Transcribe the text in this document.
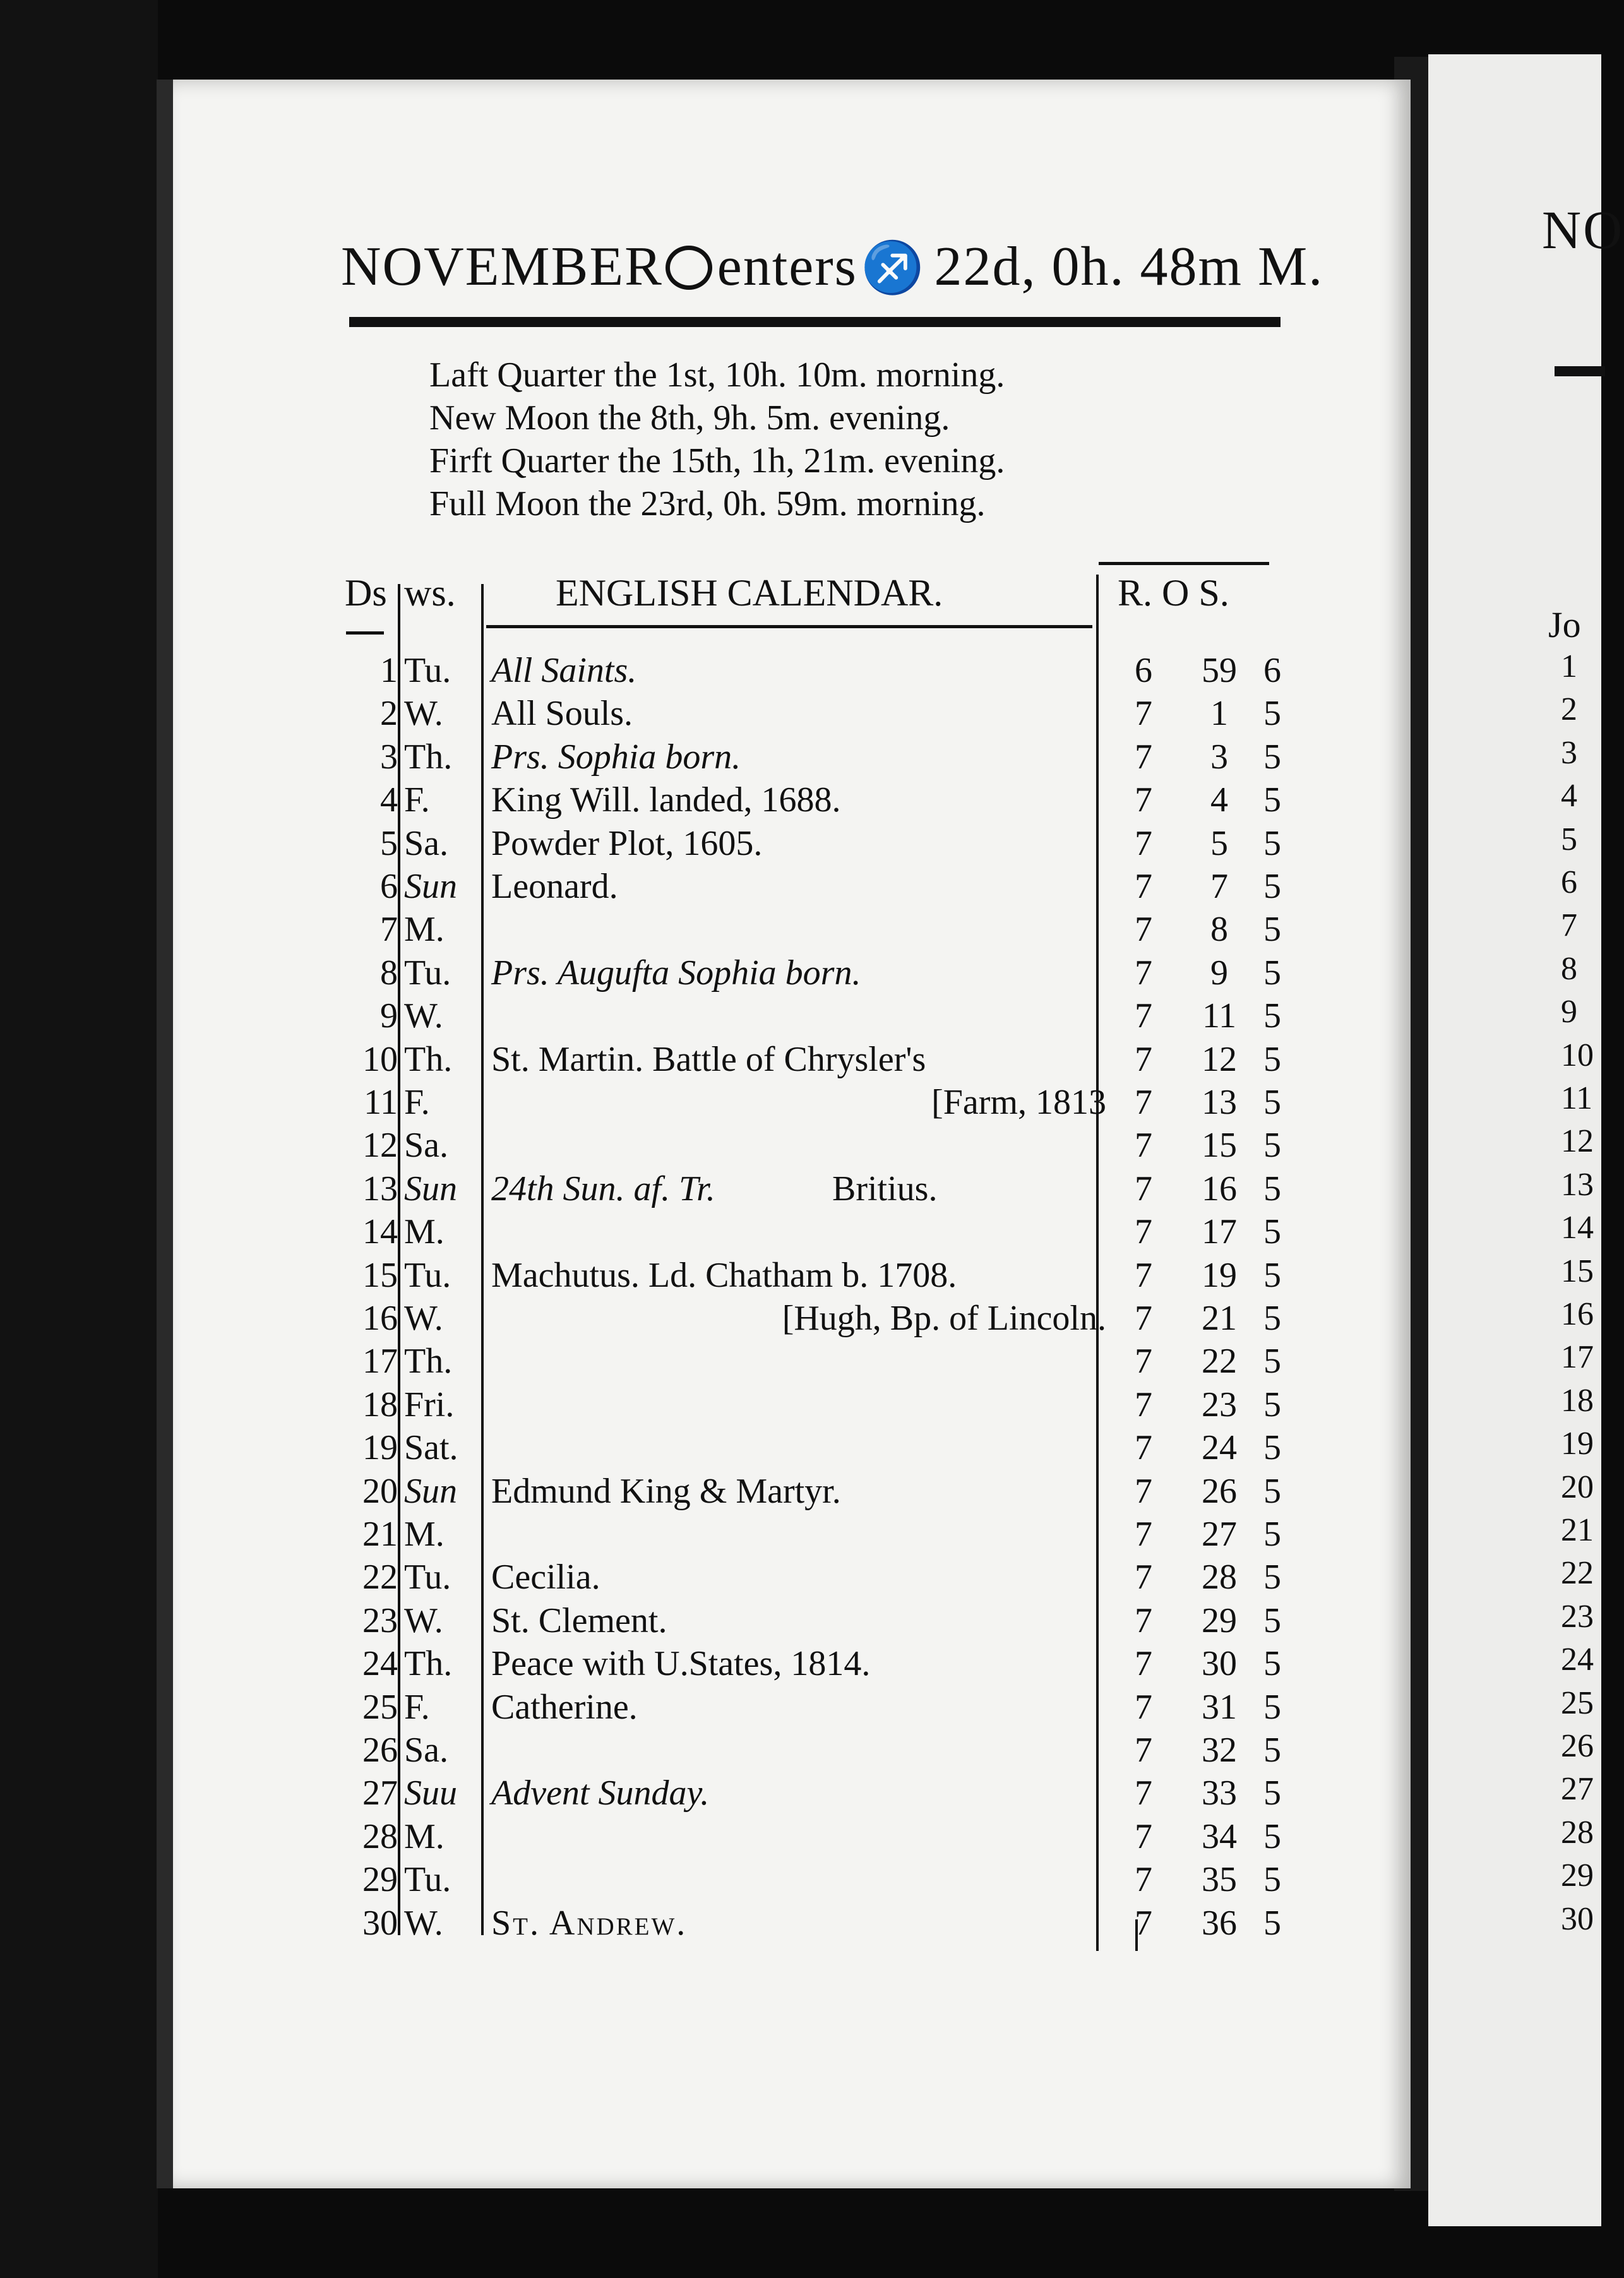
NO
Jo
1
2
3
4
5
6
7
8
9
10
11
12
13
14
15
16
17
18
19
20
21
22
23
24
25
26
27
28
29
30
NOVEMBER enters♐ 22d, 0h. 48m M.
Laft Quarter the 1st, 10h. 10m. morning.
New Moon the 8th, 9h. 5m. evening.
Firft Quarter the 15th, 1h, 21m. evening.
Full Moon the 23rd, 0h. 59m. morning.
Ds ws.	ENGLISH CALENDAR.	R. O S.
1 Tu. All Saints.	6	59 6
2 W. All Souls.	7	1	5
3 Th. Prs. Sophia born.	7	3	5
4 F. King Will. landed, 1688.	7	4	5
5 Sa. Powder Plot, 1605.	7	5	5
6 Sun Leonard.	7	7	5
7 M.	7	8	5
8 Tu. Prs. Augufta Sophia born.	7	9	5
9 W.	7	11 5
10 Th. St. Martin. Battle of Chrysler's	7	12 5
11 F.	[Farm, 1813 7	13 5
12 Sa.	7	15 5
13 Sun 24th Sun. af. Tr.	Britius.	7	16 5
14 M.	7	17 5
15 Tu. Machutus. Ld. Chatham b. 1708.	7	19 5
16 W.	[Hugh, Bp. of Lincoln. 7	21 5
17 Th.	7	22 5
18 Fri.	7	23 5
19 Sat.	7	24 5
20 Sun Edmund King & Martyr.	7	26 5
21 M.	7	27 5
22 Tu. Cecilia.	7	28 5
23 W. St. Clement.	7	29 5
24 Th. Peace with U.States, 1814.	7	30 5
25 F. Catherine.	7	31 5
26 Sa.	7	32 5
27 Suu Advent Sunday.	7	33 5
28 M.	7	34 5
29 Tu.	7	35 5
30 W. St. Andrew.	7	36 5
